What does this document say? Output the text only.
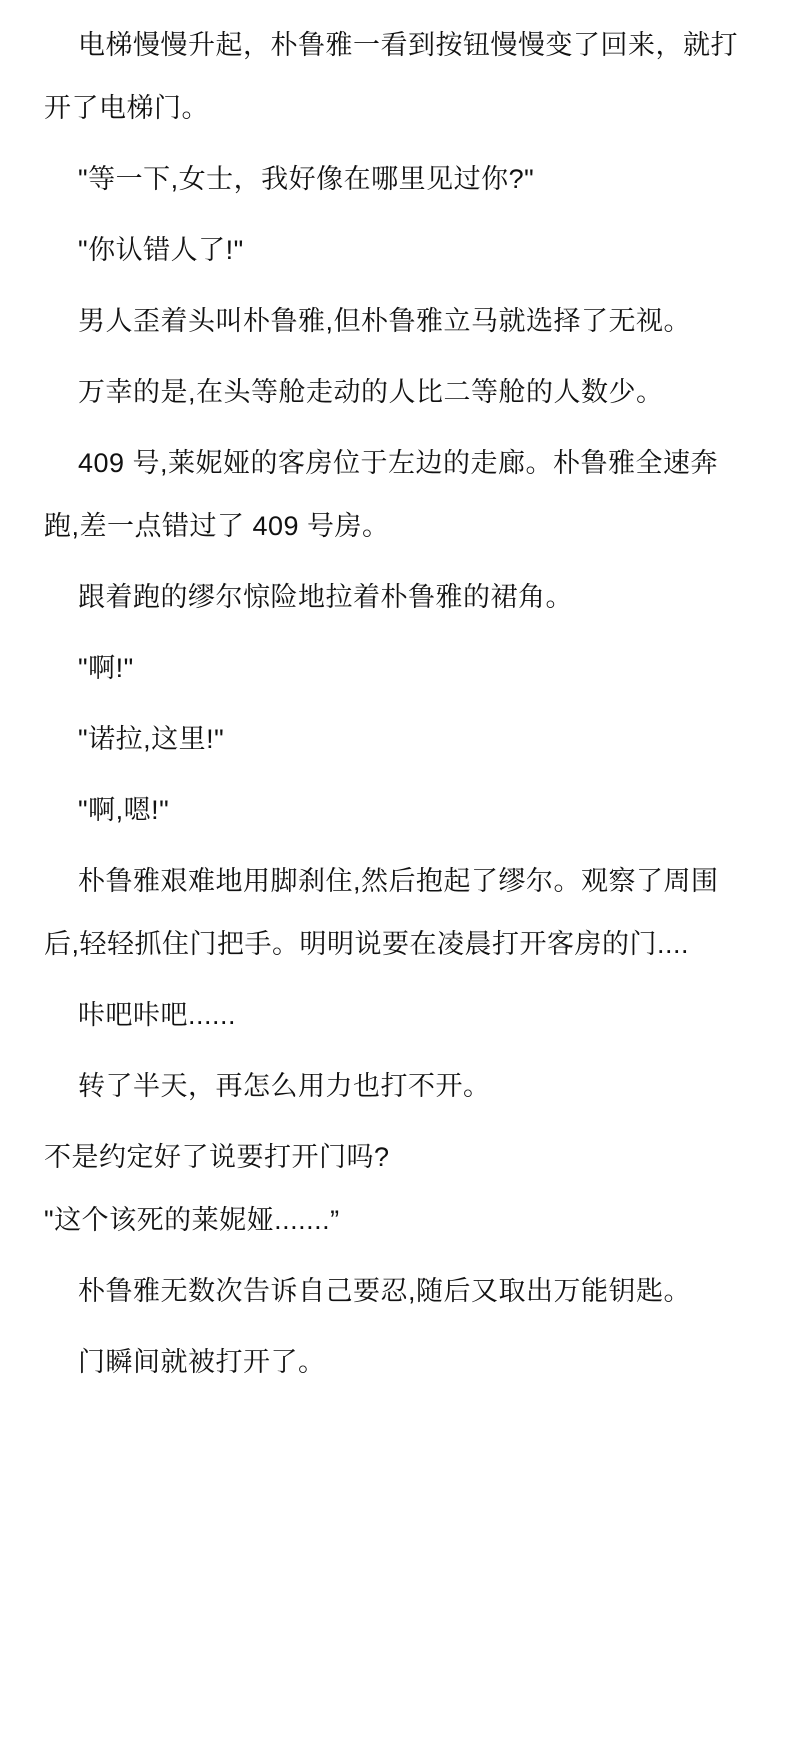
电梯慢慢升起，朴鲁雅一看到按钮慢慢变了回来，就打开了电梯门。

"等一下,女士，我好像在哪里见过你?"

"你认错人了!"

男人歪着头叫朴鲁雅,但朴鲁雅立马就选择了无视。

万幸的是,在头等舱走动的人比二等舱的人数少。

409 号,莱妮娅的客房位于左边的走廊。朴鲁雅全速奔跑,差一点错过了 409 号房。

跟着跑的缪尔惊险地拉着朴鲁雅的裙角。

"啊!"

"诺拉,这里!"

"啊,嗯!"

朴鲁雅艰难地用脚刹住,然后抱起了缪尔。观察了周围后,轻轻抓住门把手。明明说要在凌晨打开客房的门....

咔吧咔吧......

转了半天，再怎么用力也打不开。

不是约定好了说要打开门吗?

"这个该死的莱妮娅.......”

朴鲁雅无数次告诉自己要忍,随后又取出万能钥匙。

门瞬间就被打开了。
